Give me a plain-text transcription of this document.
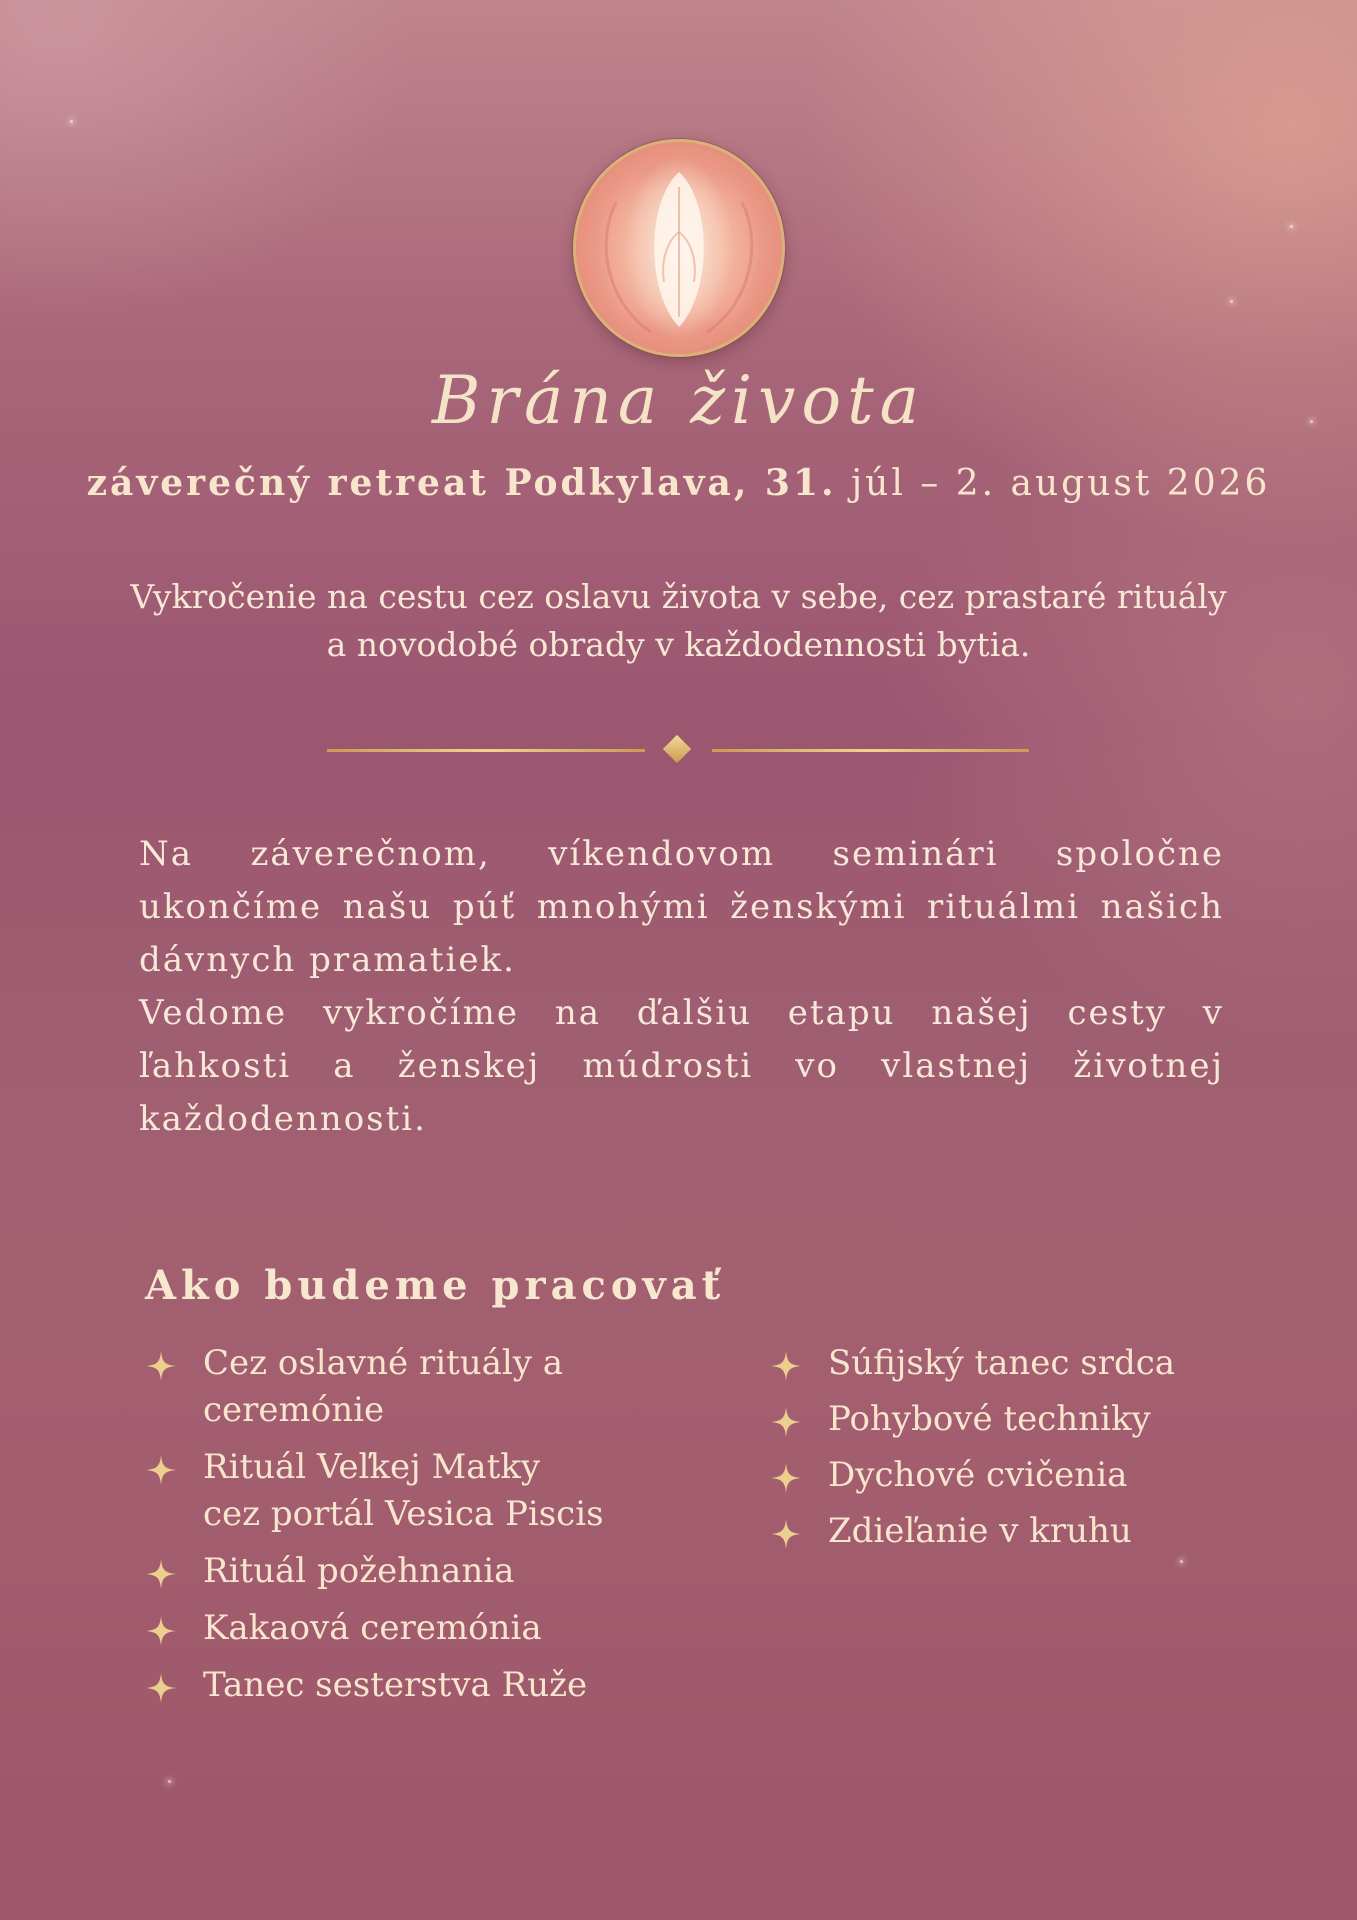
Brána života
záverečný retreat Podkylava, 31. júl – 2. august 2026
Vykročenie na cestu cez oslavu života v sebe, cez prastaré rituály
a novodobé obrady v každodennosti bytia.

Na záverečnom, víkendovom seminári spoločne ukončíme našu púť mnohými ženskými rituálmi našich dávnych pramatiek.

Vedome vykročíme na ďalšiu etapu našej cesty v ľahkosti a ženskej múdrosti vo vlastnej životnej každodennosti.

Ako budeme pracovať
Cez oslavné rituály a ceremónie
Rituál Veľkej Matky
cez portál Vesica Piscis
Rituál požehnania
Kakaová ceremónia
Tanec sesterstva Ruže
Súfijský tanec srdca
Pohybové techniky
Dychové cvičenia
Zdieľanie v kruhu
